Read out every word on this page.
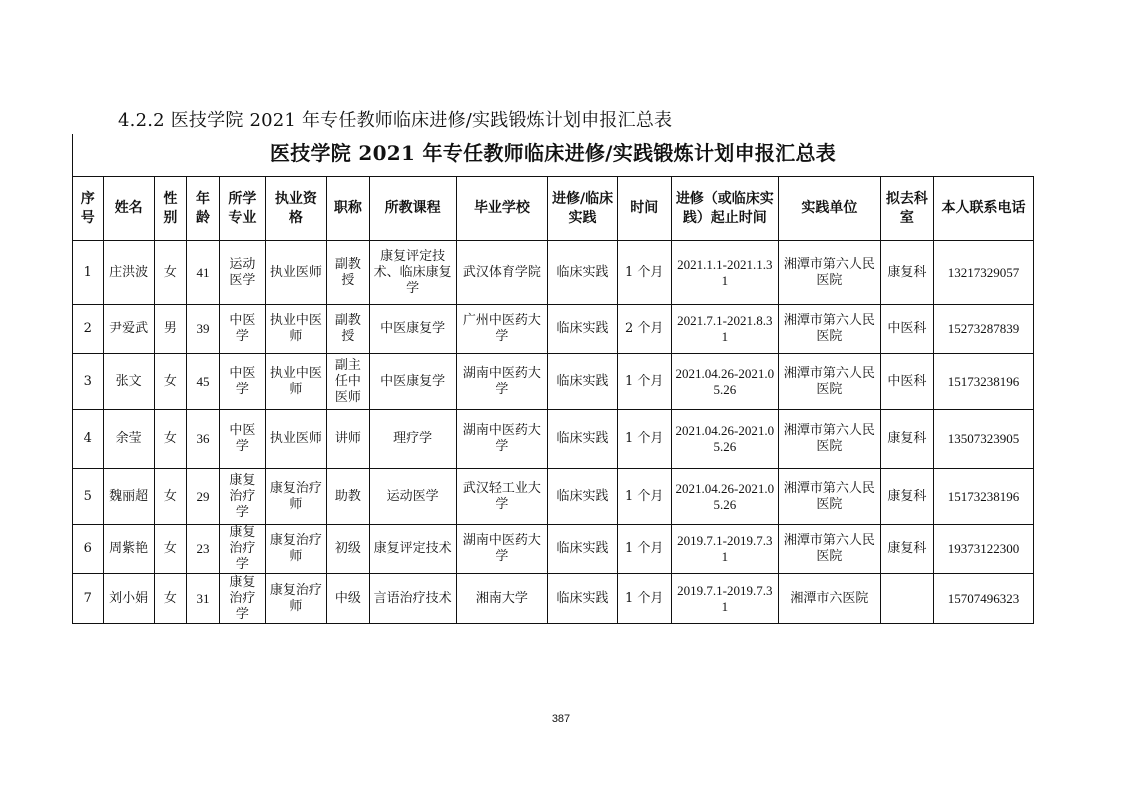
4.2.2 医技学院 2021 年专任教师临床进修/实践锻炼计划申报汇总表
医技学院 2021 年专任教师临床进修/实践锻炼计划申报汇总表
序号	姓名	性别	年龄	所学专业	执业资格	职称	所教课程	毕业学校	进修/临床实践	时间	进修（或临床实践）起止时间	实践单位	拟去科室	本人联系电话
1	庄洪波	女	41	运动医学	执业医师	副教授	康复评定技术、临床康复学	武汉体育学院	临床实践	1 个月	2021.1.1-2021.1.31	湘潭市第六人民医院	康复科	13217329057
2	尹爱武	男	39	中医学	执业中医师	副教授	中医康复学	广州中医药大学	临床实践	2 个月	2021.7.1-2021.8.31	湘潭市第六人民医院	中医科	15273287839
3	张文	女	45	中医学	执业中医师	副主任中医师	中医康复学	湖南中医药大学	临床实践	1 个月	2021.04.26-2021.05.26	湘潭市第六人民医院	中医科	15173238196
4	余莹	女	36	中医学	执业医师	讲师	理疗学	湖南中医药大学	临床实践	1 个月	2021.04.26-2021.05.26	湘潭市第六人民医院	康复科	13507323905
5	魏丽超	女	29	康复治疗学	康复治疗师	助教	运动医学	武汉轻工业大学	临床实践	1 个月	2021.04.26-2021.05.26	湘潭市第六人民医院	康复科	15173238196
6	周紫艳	女	23	康复治疗学	康复治疗师	初级	康复评定技术	湖南中医药大学	临床实践	1 个月	2019.7.1-2019.7.31	湘潭市第六人民医院	康复科	19373122300
7	刘小娟	女	31	康复治疗学	康复治疗师	中级	言语治疗技术	湘南大学	临床实践	1 个月	2019.7.1-2019.7.31	湘潭市六医院		15707496323
387
